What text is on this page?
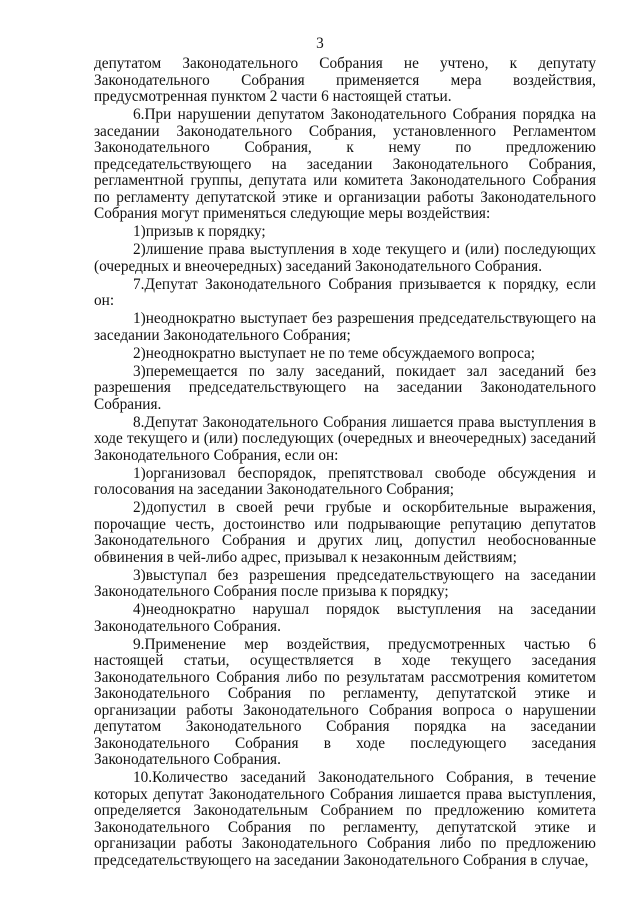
3

депутатом Законодательного Собрания не учтено, к депутату Законодательного Собрания применяется мера воздействия, предусмотренная пунктом 2 части 6 настоящей статьи.

6.При нарушении депутатом Законодательного Собрания порядка на заседании Законодательного Собрания, установленного Регламентом Законодательного Собрания, к нему по предложению председательствующего на заседании Законодательного Собрания, регламентной группы, депутата или комитета Законодательного Собрания по регламенту депутатской этике и организации работы Законодательного Собрания могут применяться следующие меры воздействия:

1)призыв к порядку;

2)лишение права выступления в ходе текущего и (или) последующих (очередных и внеочередных) заседаний Законодательного Собрания.

7.Депутат Законодательного Собрания призывается к порядку, если он:

1)неоднократно выступает без разрешения председательствующего на заседании Законодательного Собрания;

2)неоднократно выступает не по теме обсуждаемого вопроса;

3)перемещается по залу заседаний, покидает зал заседаний без разрешения председательствующего на заседании Законодательного Собрания.

8.Депутат Законодательного Собрания лишается права выступления в ходе текущего и (или) последующих (очередных и внеочередных) заседаний Законодательного Собрания, если он:

1)организовал беспорядок, препятствовал свободе обсуждения и голосования на заседании Законодательного Собрания;

2)допустил в своей речи грубые и оскорбительные выражения, порочащие честь, достоинство или подрывающие репутацию депутатов Законодательного Собрания и других лиц, допустил необоснованные обвинения в чей-либо адрес, призывал к незаконным действиям;

3)выступал без разрешения председательствующего на заседании Законодательного Собрания после призыва к порядку;

4)неоднократно нарушал порядок выступления на заседании Законодательного Собрания.

9.Применение мер воздействия, предусмотренных частью 6 настоящей статьи, осуществляется в ходе текущего заседания Законодательного Собрания либо по результатам рассмотрения комитетом Законодательного Собрания по регламенту, депутатской этике и организации работы Законодательного Собрания вопроса о нарушении депутатом Законодательного Собрания порядка на заседании Законодательного Собрания в ходе последующего заседания Законодательного Собрания.

10.Количество заседаний Законодательного Собрания, в течение которых депутат Законодательного Собрания лишается права выступления, определяется Законодательным Собранием по предложению комитета Законодательного Собрания по регламенту, депутатской этике и организации работы Законодательного Собрания либо по предложению председательствующего на заседании Законодательного Собрания в случае,
